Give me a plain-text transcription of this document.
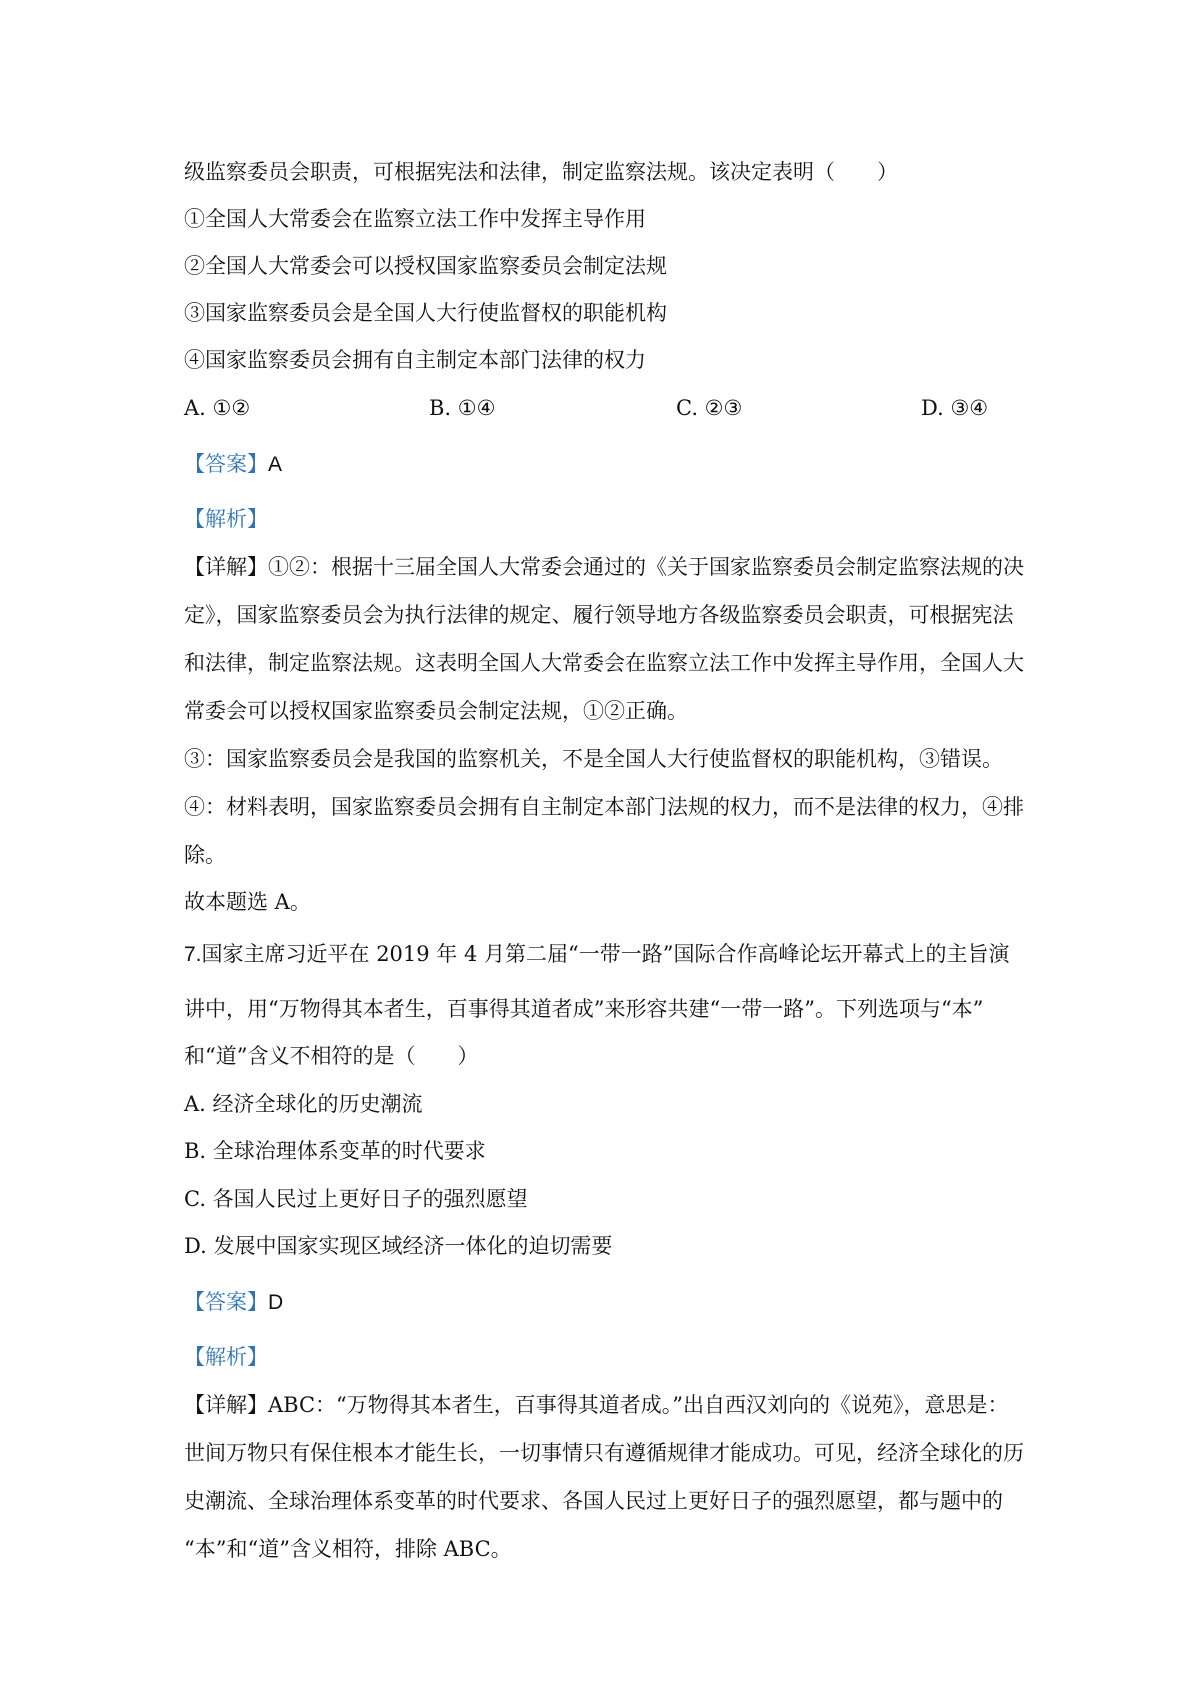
级监察委员会职责，可根据宪法和法律，制定监察法规。该决定表明（　　）
①全国人大常委会在监察立法工作中发挥主导作用
②全国人大常委会可以授权国家监察委员会制定法规
③国家监察委员会是全国人大行使监督权的职能机构
④国家监察委员会拥有自主制定本部门法律的权力
A. ①②	B. ①④	C. ②③	D. ③④
【答案】A
【解析】
【详解】①②：根据十三届全国人大常委会通过的《关于国家监察委员会制定监察法规的决
定》，国家监察委员会为执行法律的规定、履行领导地方各级监察委员会职责，可根据宪法
和法律，制定监察法规。这表明全国人大常委会在监察立法工作中发挥主导作用，全国人大
常委会可以授权国家监察委员会制定法规，①②正确。
③：国家监察委员会是我国的监察机关，不是全国人大行使监督权的职能机构，③错误。
④：材料表明，国家监察委员会拥有自主制定本部门法规的权力，而不是法律的权力，④排
除。
故本题选 A。
7.国家主席习近平在 2019 年 4 月第二届“一带一路”国际合作高峰论坛开幕式上的主旨演
讲中，用“万物得其本者生，百事得其道者成”来形容共建“一带一路”。下列选项与“本”
和“道”含义不相符的是（　　）
A. 经济全球化的历史潮流
B. 全球治理体系变革的时代要求
C. 各国人民过上更好日子的强烈愿望
D. 发展中国家实现区域经济一体化的迫切需要
【答案】D
【解析】
【详解】ABC：“万物得其本者生，百事得其道者成。”出自西汉刘向的《说苑》，意思是：
世间万物只有保住根本才能生长，一切事情只有遵循规律才能成功。可见，经济全球化的历
史潮流、全球治理体系变革的时代要求、各国人民过上更好日子的强烈愿望，都与题中的
“本”和“道”含义相符，排除 ABC。
